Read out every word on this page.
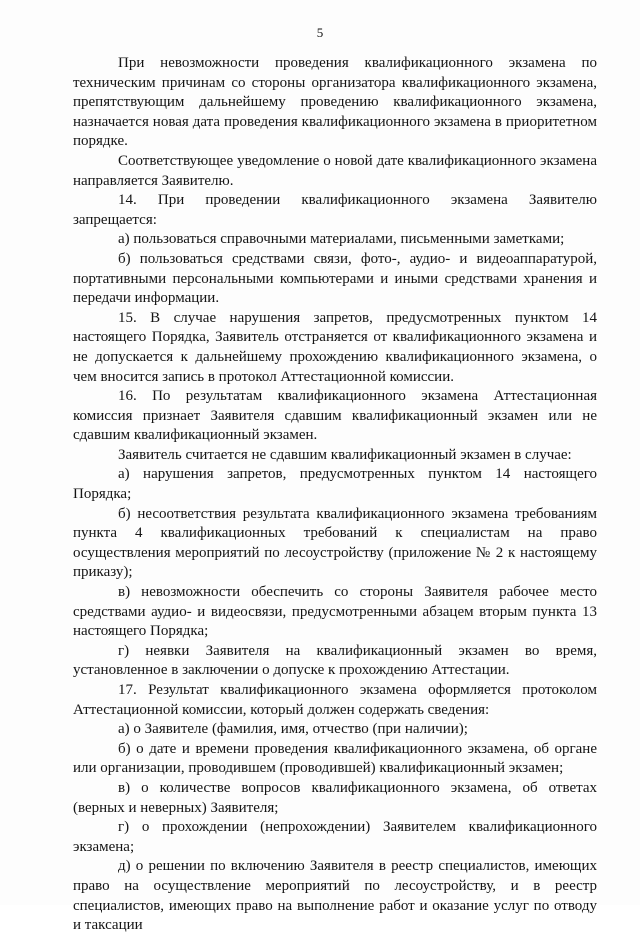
5

При невозможности проведения квалификационного экзамена по техническим причинам со стороны организатора квалификационного экзамена, препятствующим дальнейшему проведению квалификационного экзамена, назначается новая дата проведения квалификационного экзамена в приоритетном порядке.

Соответствующее уведомление о новой дате квалификационного экзамена направляется Заявителю.

14. При проведении квалификационного экзамена Заявителю запрещается:

а) пользоваться справочными материалами, письменными заметками;

б) пользоваться средствами связи, фото-, аудио- и видеоаппаратурой, портативными персональными компьютерами и иными средствами хранения и передачи информации.

15. В случае нарушения запретов, предусмотренных пунктом 14 настоящего Порядка, Заявитель отстраняется от квалификационного экзамена и не допускается к дальнейшему прохождению квалификационного экзамена, о чем вносится запись в протокол Аттестационной комиссии.

16. По результатам квалификационного экзамена Аттестационная комиссия признает Заявителя сдавшим квалификационный экзамен или не сдавшим квалификационный экзамен.

Заявитель считается не сдавшим квалификационный экзамен в случае:

а) нарушения запретов, предусмотренных пунктом 14 настоящего Порядка;

б) несоответствия результата квалификационного экзамена требованиям пункта 4 квалификационных требований к специалистам на право осуществления мероприятий по лесоустройству (приложение № 2 к настоящему приказу);

в) невозможности обеспечить со стороны Заявителя рабочее место средствами аудио- и видеосвязи, предусмотренными абзацем вторым пункта 13 настоящего Порядка;

г) неявки Заявителя на квалификационный экзамен во время, установленное в заключении о допуске к прохождению Аттестации.

17. Результат квалификационного экзамена оформляется протоколом Аттестационной комиссии, который должен содержать сведения:

а) о Заявителе (фамилия, имя, отчество (при наличии);

б) о дате и времени проведения квалификационного экзамена, об органе или организации, проводившем (проводившей) квалификационный экзамен;

в) о количестве вопросов квалификационного экзамена, об ответах (верных и неверных) Заявителя;

г) о прохождении (непрохождении) Заявителем квалификационного экзамена;

д) о решении по включению Заявителя в реестр специалистов, имеющих право на осуществление мероприятий по лесоустройству, и в реестр специалистов, имеющих право на выполнение работ и оказание услуг по отводу и таксации
